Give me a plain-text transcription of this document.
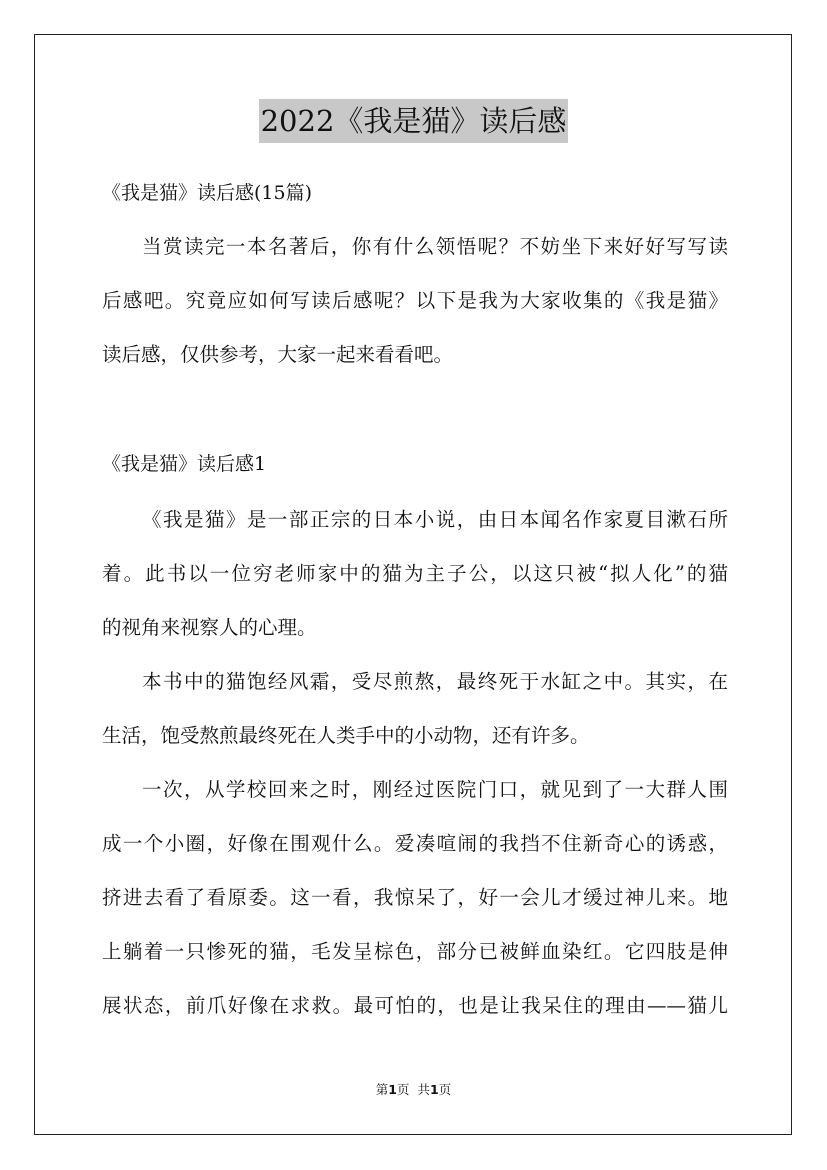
2022《我是猫》读后感
《我是猫》读后感(15篇)
当赏读完一本名著后，你有什么领悟呢？不妨坐下来好好写写读
后感吧。究竟应如何写读后感呢？以下是我为大家收集的《我是猫》
读后感，仅供参考，大家一起来看看吧。
《我是猫》读后感1
《我是猫》是一部正宗的日本小说，由日本闻名作家夏目漱石所
着。此书以一位穷老师家中的猫为主子公，以这只被“拟人化”的猫
的视角来视察人的心理。
本书中的猫饱经风霜，受尽煎熬，最终死于水缸之中。其实，在
生活，饱受熬煎最终死在人类手中的小动物，还有许多。
一次，从学校回来之时，刚经过医院门口，就见到了一大群人围
成一个小圈，好像在围观什么。爱凑喧闹的我挡不住新奇心的诱惑，
挤进去看了看原委。这一看，我惊呆了，好一会儿才缓过神儿来。地
上躺着一只惨死的猫，毛发呈棕色，部分已被鲜血染红。它四肢是伸
展状态，前爪好像在求救。最可怕的，也是让我呆住的理由——猫儿
第1页 共1页
